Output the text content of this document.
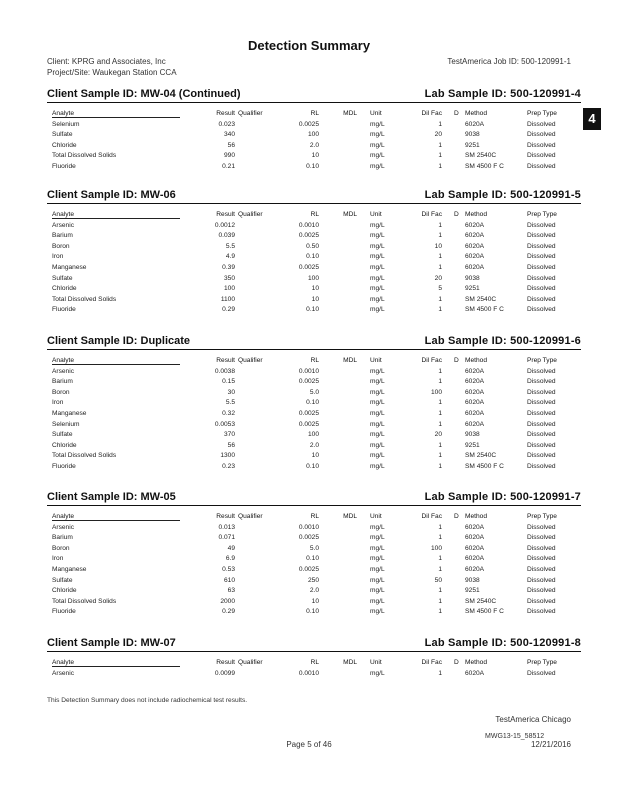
Detection Summary
Client: KPRG and Associates, Inc
Project/Site: Waukegan Station CCA
TestAmerica Job ID: 500-120991-1
4
Client Sample ID: MW-04 (Continued)	Lab Sample ID: 500-120991-4
Analyte	Result Qualifier	RL	MDL Unit	Dil Fac D Method	Prep Type
Selenium	0.023	0.0025	mg/L	1	6020A	Dissolved
Sulfate	340	100	mg/L	20	9038	Dissolved
Chloride	56	2.0	mg/L	1	9251	Dissolved
Total Dissolved Solids	990	10	mg/L	1	SM 2540C	Dissolved
Fluoride	0.21	0.10	mg/L	1	SM 4500 F C	Dissolved
Client Sample ID: MW-06	Lab Sample ID: 500-120991-5
Analyte	Result Qualifier	RL	MDL Unit	Dil Fac D Method	Prep Type
Arsenic	0.0012	0.0010	mg/L	1	6020A	Dissolved
Barium	0.039	0.0025	mg/L	1	6020A	Dissolved
Boron	5.5	0.50	mg/L	10	6020A	Dissolved
Iron	4.9	0.10	mg/L	1	6020A	Dissolved
Manganese	0.39	0.0025	mg/L	1	6020A	Dissolved
Sulfate	350	100	mg/L	20	9038	Dissolved
Chloride	100	10	mg/L	5	9251	Dissolved
Total Dissolved Solids	1100	10	mg/L	1	SM 2540C	Dissolved
Fluoride	0.29	0.10	mg/L	1	SM 4500 F C	Dissolved
Client Sample ID: Duplicate	Lab Sample ID: 500-120991-6
Analyte	Result Qualifier	RL	MDL Unit	Dil Fac D Method	Prep Type
Arsenic	0.0038	0.0010	mg/L	1	6020A	Dissolved
Barium	0.15	0.0025	mg/L	1	6020A	Dissolved
Boron	30	5.0	mg/L	100	6020A	Dissolved
Iron	5.5	0.10	mg/L	1	6020A	Dissolved
Manganese	0.32	0.0025	mg/L	1	6020A	Dissolved
Selenium	0.0053	0.0025	mg/L	1	6020A	Dissolved
Sulfate	370	100	mg/L	20	9038	Dissolved
Chloride	56	2.0	mg/L	1	9251	Dissolved
Total Dissolved Solids	1300	10	mg/L	1	SM 2540C	Dissolved
Fluoride	0.23	0.10	mg/L	1	SM 4500 F C	Dissolved
Client Sample ID: MW-05	Lab Sample ID: 500-120991-7
Analyte	Result Qualifier	RL	MDL Unit	Dil Fac D Method	Prep Type
Arsenic	0.013	0.0010	mg/L	1	6020A	Dissolved
Barium	0.071	0.0025	mg/L	1	6020A	Dissolved
Boron	49	5.0	mg/L	100	6020A	Dissolved
Iron	6.9	0.10	mg/L	1	6020A	Dissolved
Manganese	0.53	0.0025	mg/L	1	6020A	Dissolved
Sulfate	610	250	mg/L	50	9038	Dissolved
Chloride	63	2.0	mg/L	1	9251	Dissolved
Total Dissolved Solids	2000	10	mg/L	1	SM 2540C	Dissolved
Fluoride	0.29	0.10	mg/L	1	SM 4500 F C	Dissolved
Client Sample ID: MW-07	Lab Sample ID: 500-120991-8
Analyte	Result Qualifier	RL	MDL Unit	Dil Fac D Method	Prep Type
Arsenic	0.0099	0.0010	mg/L	1	6020A	Dissolved
This Detection Summary does not include radiochemical test results.
TestAmerica Chicago
Page 5 of 46
MWG13-15_58512
12/21/2016
